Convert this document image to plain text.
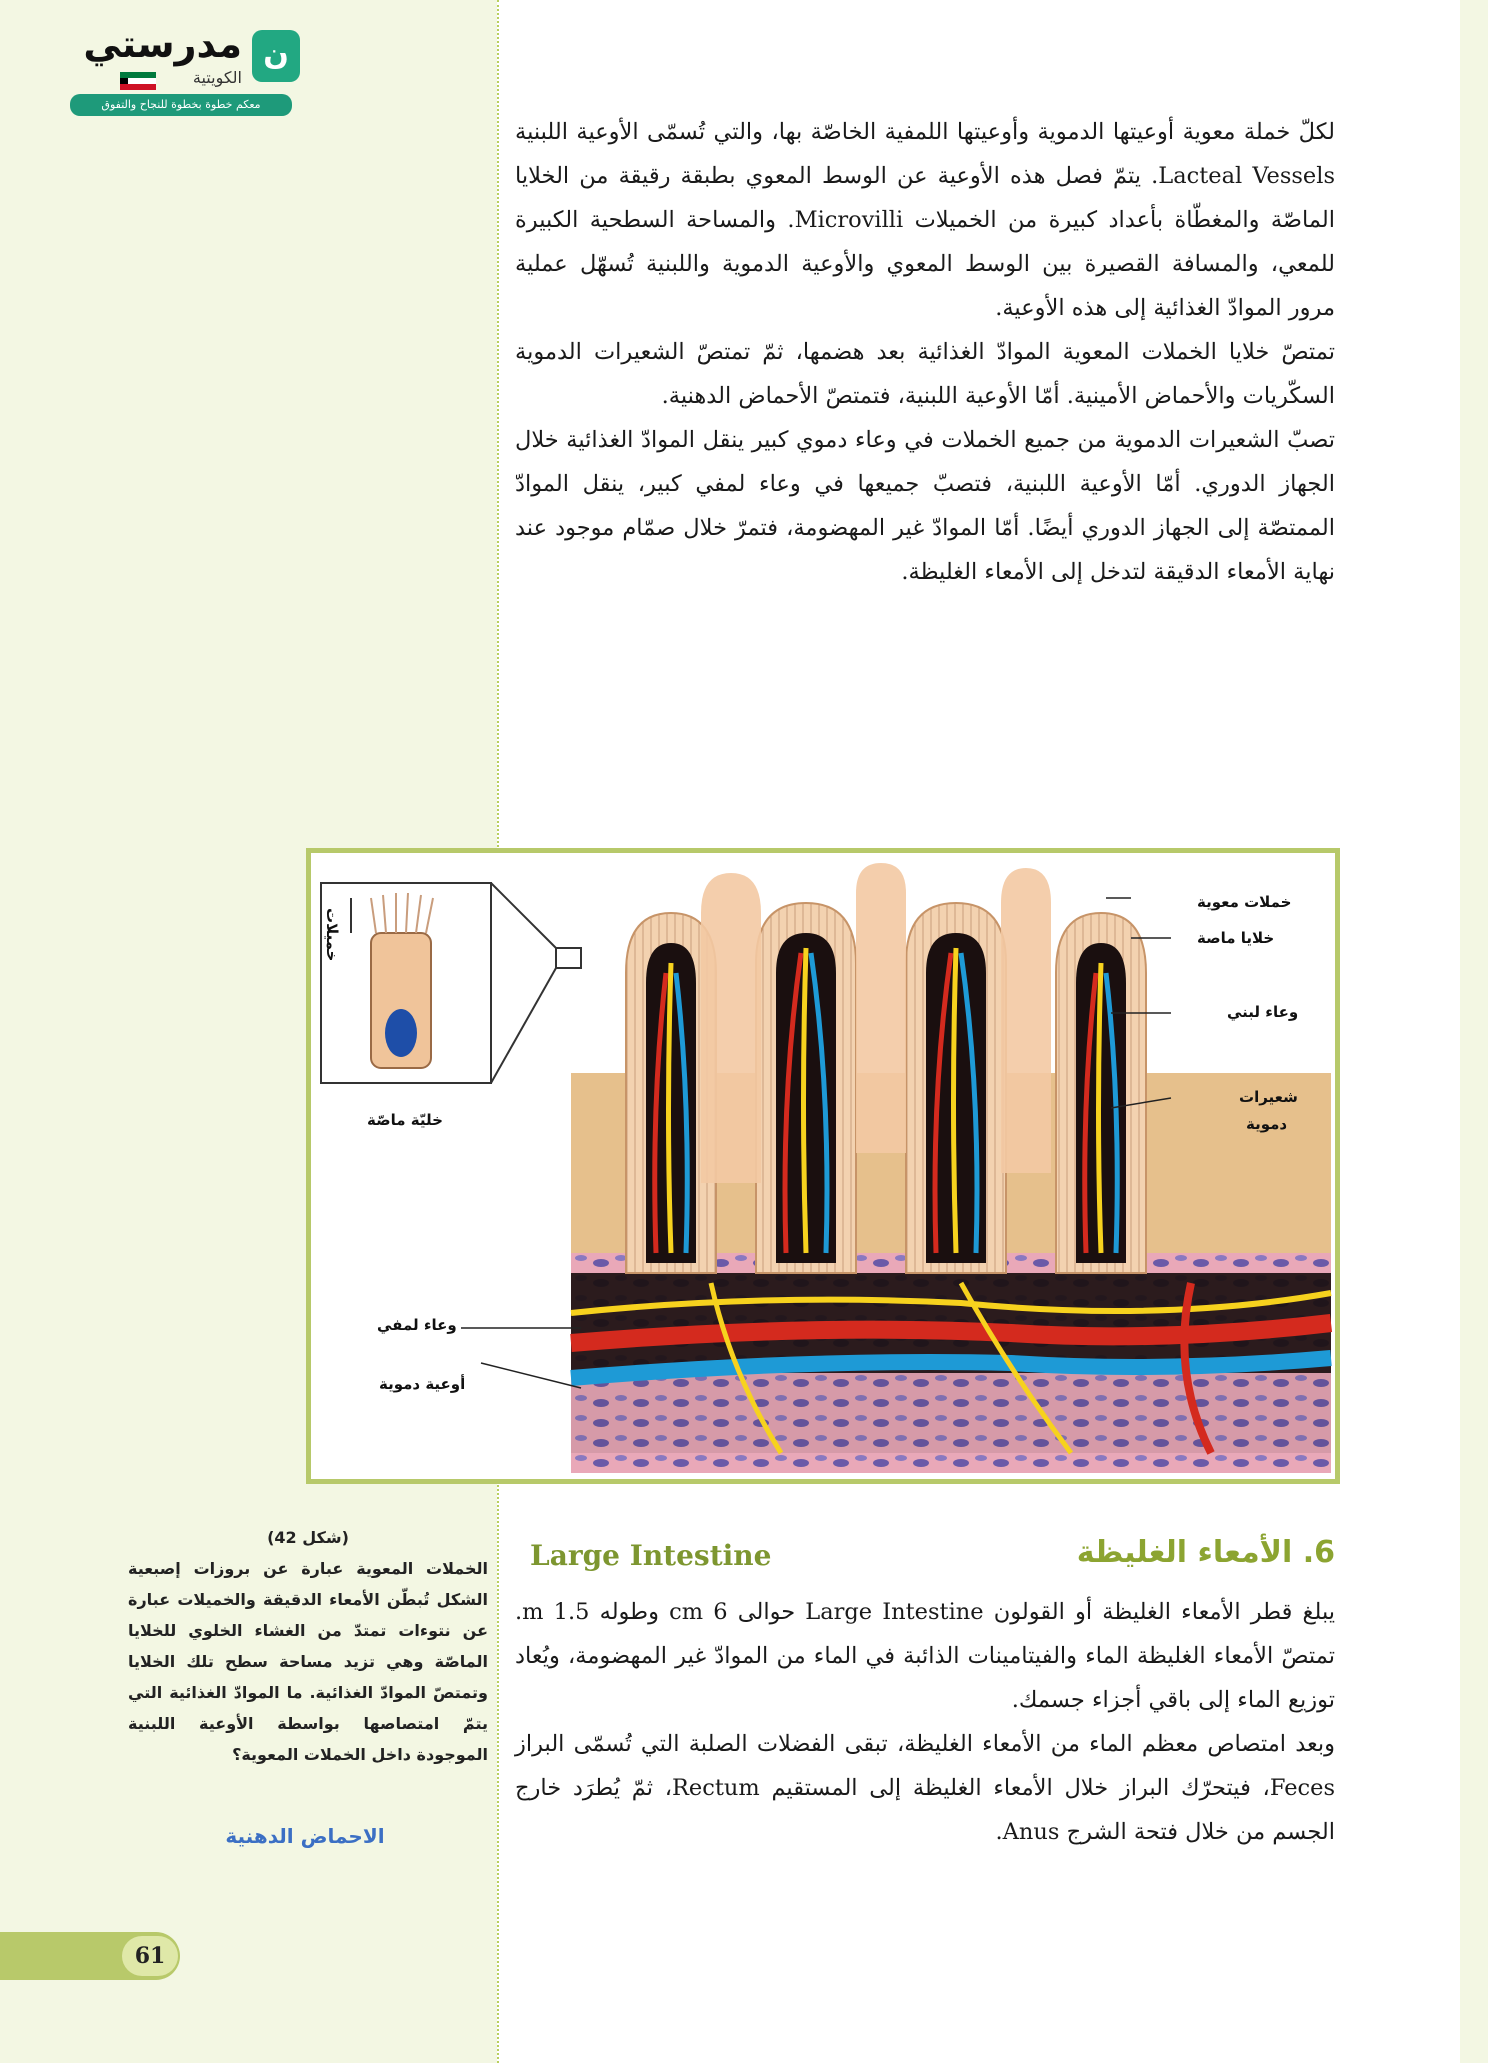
ن
مدرستي
الكويتية
معكم خطوة بخطوة للنجاح والتفوق

لكلّ خملة معوية أوعيتها الدموية وأوعيتها اللمفية الخاصّة بها، والتي تُسمّى الأوعية اللبنية Lacteal Vessels. يتمّ فصل هذه الأوعية عن الوسط المعوي بطبقة رقيقة من الخلايا الماصّة والمغطّاة بأعداد كبيرة من الخميلات Microvilli. والمساحة السطحية الكبيرة للمعي، والمسافة القصيرة بين الوسط المعوي والأوعية الدموية واللبنية تُسهّل عملية مرور الموادّ الغذائية إلى هذه الأوعية.

تمتصّ خلايا الخملات المعوية الموادّ الغذائية بعد هضمها، ثمّ تمتصّ الشعيرات الدموية السكّريات والأحماض الأمينية. أمّا الأوعية اللبنية، فتمتصّ الأحماض الدهنية.

تصبّ الشعيرات الدموية من جميع الخملات في وعاء دموي كبير ينقل الموادّ الغذائية خلال الجهاز الدوري. أمّا الأوعية اللبنية، فتصبّ جميعها في وعاء لمفي كبير، ينقل الموادّ الممتصّة إلى الجهاز الدوري أيضًا. أمّا الموادّ غير المهضومة، فتمرّ خلال صمّام موجود عند نهاية الأمعاء الدقيقة لتدخل إلى الأمعاء الغليظة.

خملات معوية
خلايا ماصة
وعاء لبني
شعيرات
دموية
وعاء لمفي
أوعية دموية
خليّة ماصّة
خميلات
6. الأمعاء الغليظة
Large Intestine

يبلغ قطر الأمعاء الغليظة أو القولون Large Intestine حوالى 6 cm وطوله 1.5 m. تمتصّ الأمعاء الغليظة الماء والفيتامينات الذائبة في الماء من الموادّ غير المهضومة، ويُعاد توزيع الماء إلى باقي أجزاء جسمك.

وبعد امتصاص معظم الماء من الأمعاء الغليظة، تبقى الفضلات الصلبة التي تُسمّى البراز Feces، فيتحرّك البراز خلال الأمعاء الغليظة إلى المستقيم Rectum، ثمّ يُطرَد خارج الجسم من خلال فتحة الشرج Anus.

(شكل 42)
الخملات المعوية عبارة عن بروزات إصبعية الشكل تُبطّن الأمعاء الدقيقة والخميلات عبارة عن نتوءات تمتدّ من الغشاء الخلوي للخلايا الماصّة وهي تزيد مساحة سطح تلك الخلايا وتمتصّ الموادّ الغذائية. ما الموادّ الغذائية التي يتمّ امتصاصها بواسطة الأوعية اللبنية الموجودة داخل الخملات المعوية؟
الاحماض الدهنية
61
